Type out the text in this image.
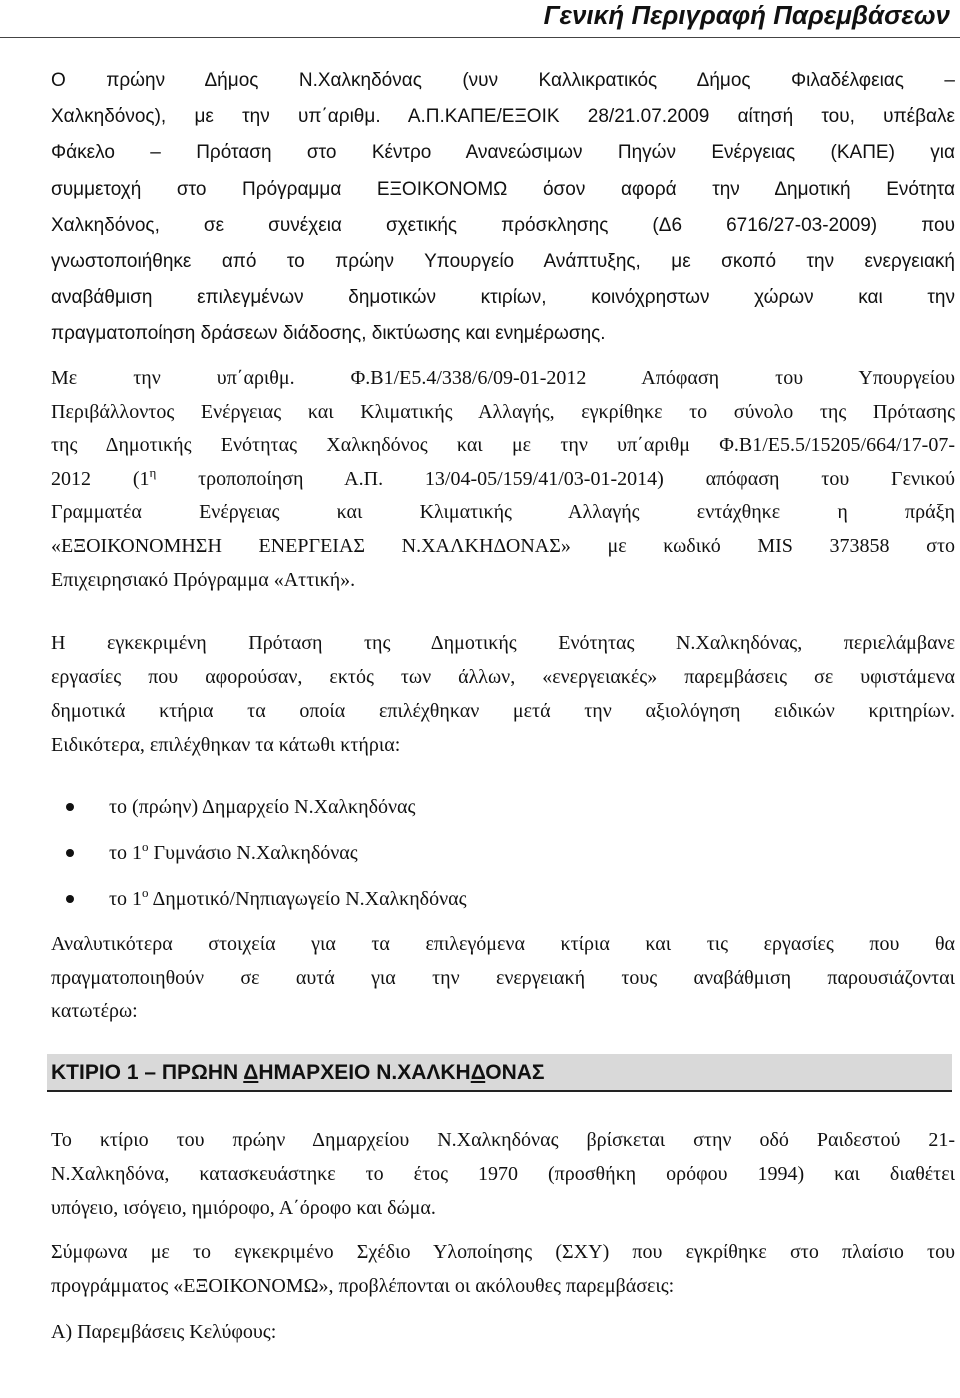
Γενική Περιγραφή Παρεμβάσεων
Ο πρώην Δήμος Ν.Χαλκηδόνας (νυν Καλλικρατικός Δήμος Φιλαδέλφειας –
Χαλκηδόνος), με την υπ΄αριθμ. Α.Π.ΚΑΠΕ/ΕΞΟΙΚ 28/21.07.2009 αίτησή του, υπέβαλε
Φάκελο – Πρόταση στο Κέντρο Ανανεώσιμων Πηγών Ενέργειας (ΚΑΠΕ) για
συμμετοχή στο Πρόγραμμα ΕΞΟΙΚΟΝΟΜΩ όσον αφορά την Δημοτική Ενότητα
Χαλκηδόνος, σε συνέχεια σχετικής πρόσκλησης (Δ6 6716/27-03-2009) που
γνωστοποιήθηκε από το πρώην Υπουργείο Ανάπτυξης, με σκοπό την ενεργειακή
αναβάθμιση επιλεγμένων δημοτικών κτιρίων, κοινόχρηστων χώρων και την
πραγματοποίηση δράσεων διάδοσης, δικτύωσης και ενημέρωσης.
Με την υπ΄αριθμ. Φ.Β1/Ε5.4/338/6/09-01-2012 Απόφαση του Υπουργείου
Περιβάλλοντος Ενέργειας και Κλιματικής Αλλαγής, εγκρίθηκε το σύνολο της Πρότασης
της Δημοτικής Ενότητας Χαλκηδόνος και με την υπ΄αριθμ Φ.Β1/Ε5.5/15205/664/17-07-
2012 ($1^\eta$ τροποποίηση Α.Π. 13/04-05/159/41/03-01-2014) απόφαση του Γενικού
Γραμματέα Ενέργειας και Κλιματικής Αλλαγής εντάχθηκε η πράξη
«ΕΞΟΙΚΟΝΟΜΗΣΗ ΕΝΕΡΓΕΙΑΣ Ν.ΧΑΛΚΗΔΟΝΑΣ» με κωδικό MIS 373858 στο
Επιχειρησιακό Πρόγραμμα «Αττική».
Η εγκεκριμένη Πρόταση της Δημοτικής Ενότητας Ν.Χαλκηδόνας, περιελάμβανε
εργασίες που αφορούσαν, εκτός των άλλων, «ενεργειακές» παρεμβάσεις σε υφιστάμενα
δημοτικά κτήρια τα οποία επιλέχθηκαν μετά την αξιολόγηση ειδικών κριτηρίων.
Ειδικότερα, επιλέχθηκαν τα κάτωθι κτήρια:
το (πρώην) Δημαρχείο Ν.Χαλκηδόνας
το $1^o$ Γυμνάσιο Ν.Χαλκηδόνας
το $1^o$ Δημοτικό/Νηπιαγωγείο Ν.Χαλκηδόνας
Αναλυτικότερα στοιχεία για τα επιλεγόμενα κτίρια και τις εργασίες που θα
πραγματοποιηθούν σε αυτά για την ενεργειακή τους αναβάθμιση παρουσιάζονται
κατωτέρω:
ΚΤΙΡΙΟ 1 – ΠΡΩΗΝ ΔΗΜΑΡΧΕΙΟ Ν.ΧΑΛΚΗΔΟΝΑΣ
Το κτίριο του πρώην Δημαρχείου Ν.Χαλκηδόνας βρίσκεται στην οδό Ραιδεστού 21-
Ν.Χαλκηδόνα, κατασκευάστηκε το έτος 1970 (προσθήκη ορόφου 1994) και διαθέτει
υπόγειο, ισόγειο, ημιόροφο, Α΄όροφο και δώμα.
Σύμφωνα με το εγκεκριμένο Σχέδιο Υλοποίησης (ΣΧΥ) που εγκρίθηκε στο πλαίσιο του
προγράμματος «ΕΞΟΙΚΟΝΟΜΩ», προβλέπονται οι ακόλουθες παρεμβάσεις:
Α) Παρεμβάσεις Κελύφους:
